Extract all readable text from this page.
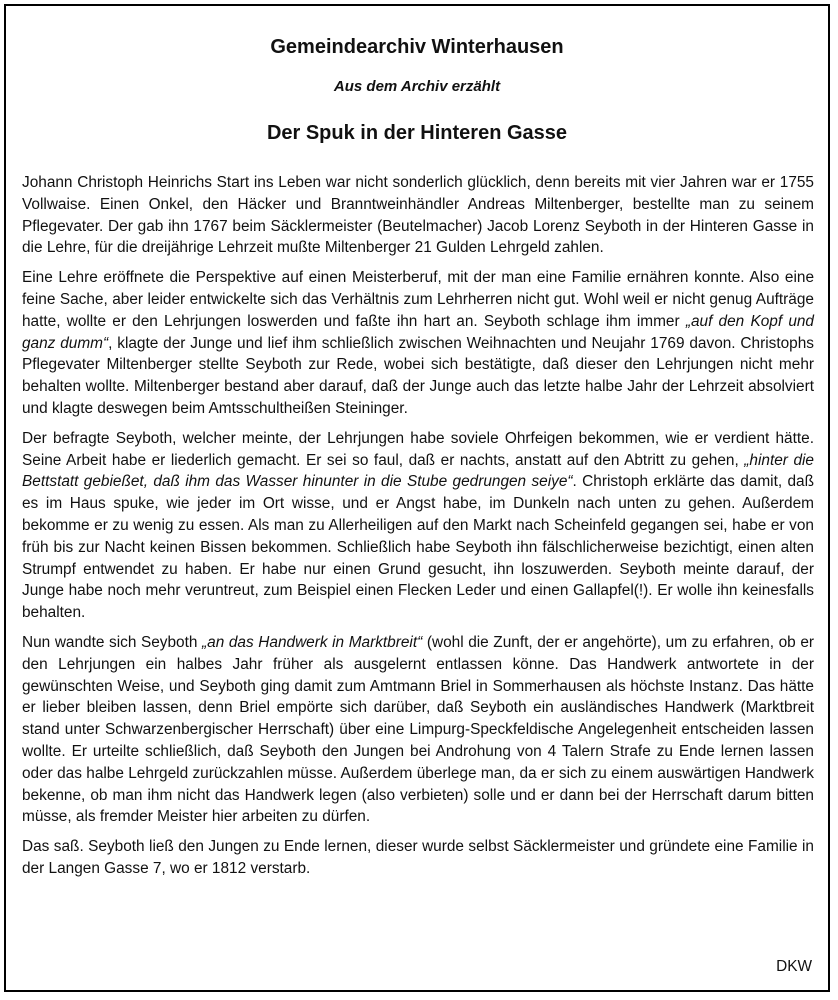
Gemeindearchiv Winterhausen
Aus dem Archiv erzählt
Der Spuk in der Hinteren Gasse

Johann Christoph Heinrichs Start ins Leben war nicht sonderlich glücklich, denn bereits mit vier Jahren war er 1755 Vollwaise. Einen Onkel, den Häcker und Branntweinhändler Andreas Miltenberger, bestellte man zu seinem Pflegevater. Der gab ihn 1767 beim Säcklermeister (Beutelmacher) Jacob Lorenz Seyboth in der Hinteren Gasse in die Lehre, für die dreijährige Lehrzeit mußte Miltenberger 21 Gulden Lehrgeld zahlen.

Eine Lehre eröffnete die Perspektive auf einen Meisterberuf, mit der man eine Familie ernähren konnte. Also eine feine Sache, aber leider entwickelte sich das Verhältnis zum Lehrherren nicht gut. Wohl weil er nicht genug Aufträge hatte, wollte er den Lehrjungen loswerden und faßte ihn hart an. Seyboth schlage ihm immer „auf den Kopf und ganz dumm“, klagte der Junge und lief ihm schließlich zwischen Weihnachten und Neujahr 1769 davon. Christophs Pflegevater Miltenberger stellte Seyboth zur Rede, wobei sich bestätigte, daß dieser den Lehrjungen nicht mehr behalten wollte. Miltenberger bestand aber darauf, daß der Junge auch das letzte halbe Jahr der Lehrzeit absolviert und klagte deswegen beim Amtsschultheißen Steininger.

Der befragte Seyboth, welcher meinte, der Lehrjungen habe soviele Ohrfeigen bekommen, wie er verdient hätte. Seine Arbeit habe er liederlich gemacht. Er sei so faul, daß er nachts, anstatt auf den Abtritt zu gehen, „hinter die Bettstatt gebießet, daß ihm das Wasser hinunter in die Stube gedrungen seiye“. Christoph erklärte das damit, daß es im Haus spuke, wie jeder im Ort wisse, und er Angst habe, im Dunkeln nach unten zu gehen. Außerdem bekomme er zu wenig zu essen. Als man zu Allerheiligen auf den Markt nach Scheinfeld gegangen sei, habe er von früh bis zur Nacht keinen Bissen bekommen. Schließlich habe Seyboth ihn fälschlicherweise bezichtigt, einen alten Strumpf entwendet zu haben. Er habe nur einen Grund gesucht, ihn loszuwerden. Seyboth meinte darauf, der Junge habe noch mehr veruntreut, zum Beispiel einen Flecken Leder und einen Gallapfel(!). Er wolle ihn keinesfalls behalten.

Nun wandte sich Seyboth „an das Handwerk in Marktbreit“ (wohl die Zunft, der er angehörte), um zu erfahren, ob er den Lehrjungen ein halbes Jahr früher als ausgelernt entlassen könne. Das Handwerk antwortete in der gewünschten Weise, und Seyboth ging damit zum Amtmann Briel in Sommerhausen als höchste Instanz. Das hätte er lieber bleiben lassen, denn Briel empörte sich darüber, daß Seyboth ein ausländisches Handwerk (Marktbreit stand unter Schwarzenbergischer Herrschaft) über eine Limpurg-Speckfeldische Angelegenheit entscheiden lassen wollte. Er urteilte schließlich, daß Seyboth den Jungen bei Androhung von 4 Talern Strafe zu Ende lernen lassen oder das halbe Lehrgeld zurückzahlen müsse. Außerdem überlege man, da er sich zu einem auswärtigen Handwerk bekenne, ob man ihm nicht das Handwerk legen (also verbieten) solle und er dann bei der Herrschaft darum bitten müsse, als fremder Meister hier arbeiten zu dürfen.

Das saß. Seyboth ließ den Jungen zu Ende lernen, dieser wurde selbst Säcklermeister und gründete eine Familie in der Langen Gasse 7, wo er 1812 verstarb.

DKW
